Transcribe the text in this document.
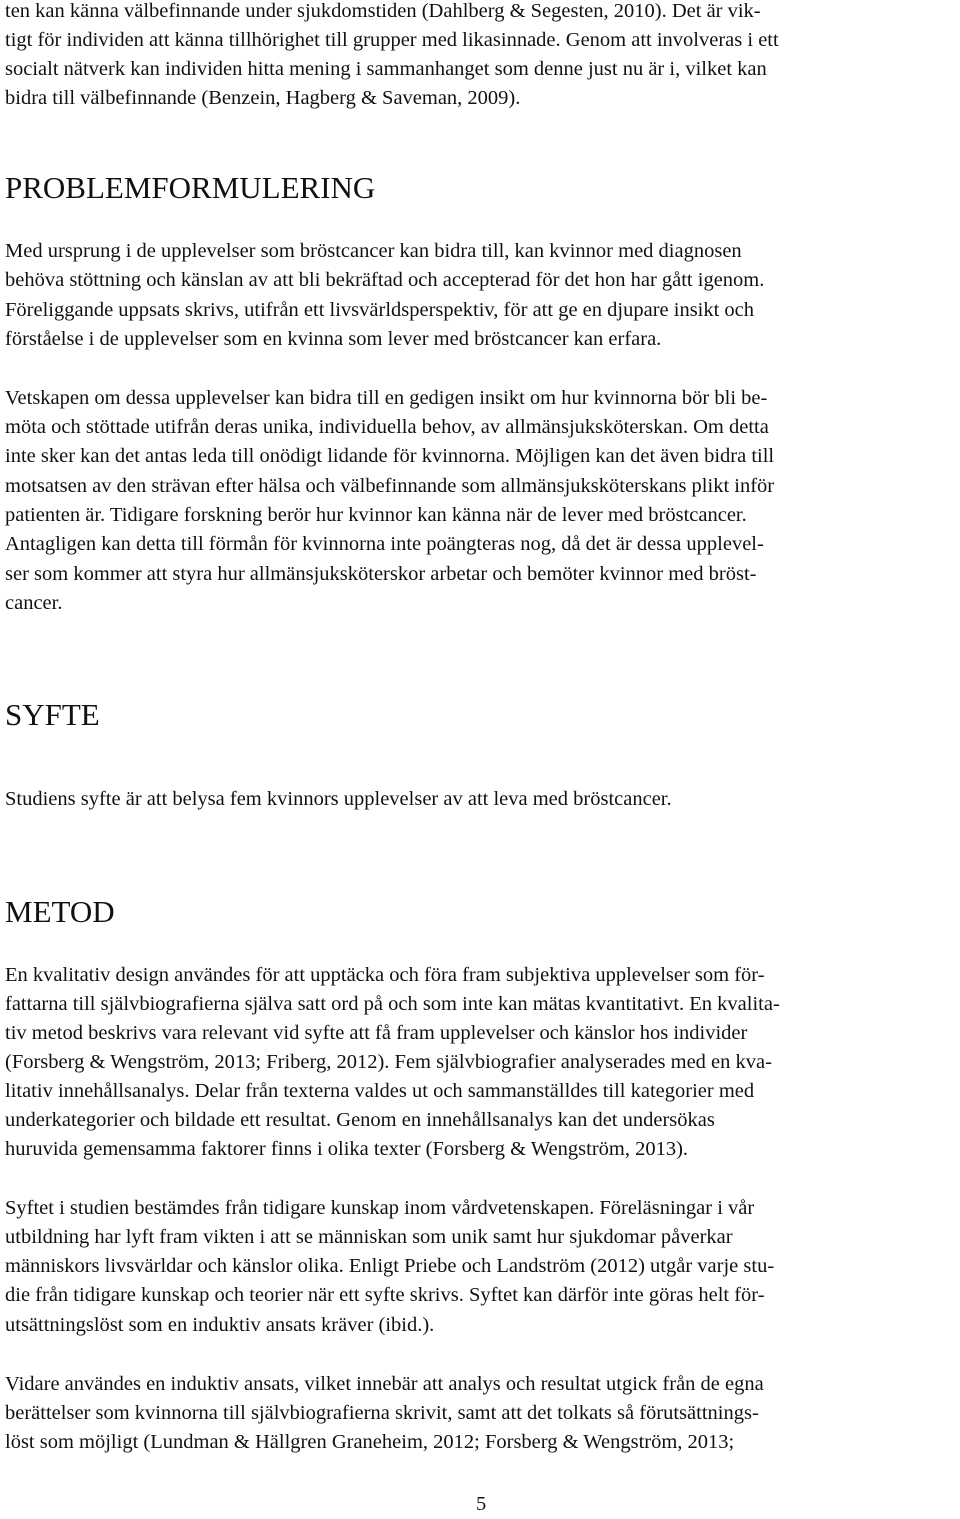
ten kan känna välbefinnande under sjukdomstiden (Dahlberg & Segesten, 2010). Det är vik-
tigt för individen att känna tillhörighet till grupper med likasinnade. Genom att involveras i ett
socialt nätverk kan individen hitta mening i sammanhanget som denne just nu är i, vilket kan
bidra till välbefinnande (Benzein, Hagberg & Saveman, 2009).
PROBLEMFORMULERING
Med ursprung i de upplevelser som bröstcancer kan bidra till, kan kvinnor med diagnosen
behöva stöttning och känslan av att bli bekräftad och accepterad för det hon har gått igenom.
Föreliggande uppsats skrivs, utifrån ett livsvärldsperspektiv, för att ge en djupare insikt och
förståelse i de upplevelser som en kvinna som lever med bröstcancer kan erfara.
Vetskapen om dessa upplevelser kan bidra till en gedigen insikt om hur kvinnorna bör bli be-
möta och stöttade utifrån deras unika, individuella behov, av allmänsjuksköterskan. Om detta
inte sker kan det antas leda till onödigt lidande för kvinnorna. Möjligen kan det även bidra till
motsatsen av den strävan efter hälsa och välbefinnande som allmänsjuksköterskans plikt inför
patienten är. Tidigare forskning berör hur kvinnor kan känna när de lever med bröstcancer.
Antagligen kan detta till förmån för kvinnorna inte poängteras nog, då det är dessa upplevel-
ser som kommer att styra hur allmänsjuksköterskor arbetar och bemöter kvinnor med bröst-
cancer.
SYFTE
Studiens syfte är att belysa fem kvinnors upplevelser av att leva med bröstcancer.
METOD
En kvalitativ design användes för att upptäcka och föra fram subjektiva upplevelser som för-
fattarna till självbiografierna själva satt ord på och som inte kan mätas kvantitativt. En kvalita-
tiv metod beskrivs vara relevant vid syfte att få fram upplevelser och känslor hos individer
(Forsberg & Wengström, 2013; Friberg, 2012). Fem självbiografier analyserades med en kva-
litativ innehållsanalys. Delar från texterna valdes ut och sammanställdes till kategorier med
underkategorier och bildade ett resultat. Genom en innehållsanalys kan det undersökas
huruvida gemensamma faktorer finns i olika texter (Forsberg & Wengström, 2013).
Syftet i studien bestämdes från tidigare kunskap inom vårdvetenskapen. Föreläsningar i vår
utbildning har lyft fram vikten i att se människan som unik samt hur sjukdomar påverkar
människors livsvärldar och känslor olika. Enligt Priebe och Landström (2012) utgår varje stu-
die från tidigare kunskap och teorier när ett syfte skrivs. Syftet kan därför inte göras helt för-
utsättningslöst som en induktiv ansats kräver (ibid.).
Vidare användes en induktiv ansats, vilket innebär att analys och resultat utgick från de egna
berättelser som kvinnorna till självbiografierna skrivit, samt att det tolkats så förutsättnings-
löst som möjligt (Lundman & Hällgren Graneheim, 2012; Forsberg & Wengström, 2013;
5
